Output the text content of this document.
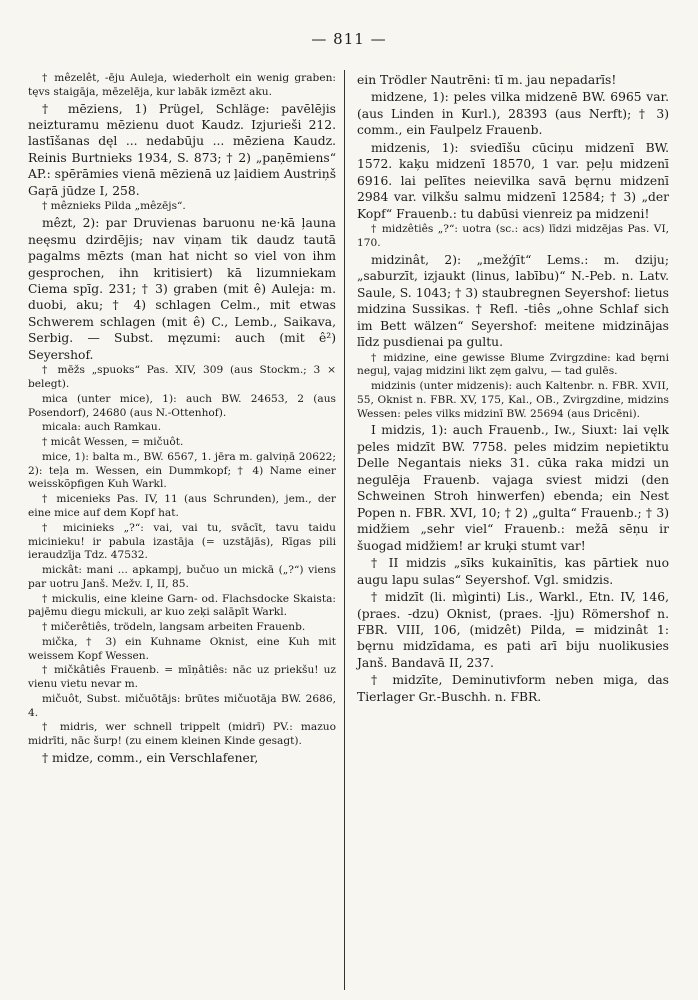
— 811 —

† mêzelêt, -ēju Auleja, wiederholt ein wenig graben: tęvs staigāja, mēzelēja, kur labāk izmēzt aku.

† mēziens, 1) Prügel, Schläge: pavēlējis neizturamu mēzienu duot Kaudz. Izjurieši 212. lastīšanas dęl ... nedabūju ... mēziena Kaudz. Reinis Burtnieks 1934, S. 873; † 2) „paņēmiens“ AP.: spērāmies vienā mēzienā uz ļaidiem Austriņš Gaŗā jūdze I, 258.

† mêznieks Pilda „mêzējs“.

mêzt, 2): par Druvienas baruonu ne·kā ļauna neęsmu dzirdējis; nav viņam tik daudz tautā pagalms mēzts (man hat nicht so viel von ihm gesprochen, ihn kritisiert) kā lizumniekam Ciema spīg. 231; † 3) graben (mit ê) Auleja: m. duobi, aku; † 4) schlagen Celm., mit etwas Schwerem schlagen (mit ê) C., Lemb., Saikava, Serbig. — Subst. męzumi: auch (mit ê²) Seyershof.

† mēžs „spuoks“ Pas. XIV, 309 (aus Stockm.; 3 × belegt).

mica (unter mice), 1): auch BW. 24653, 2 (aus Posendorf), 24680 (aus N.-Ottenhof).

micala: auch Ramkau.

† micât Wessen, = mičuôt.

mice, 1): balta m., BW. 6567, 1. jēra m. galviņā 20622; 2): teļa m. Wessen, ein Dummkopf; † 4) Name einer weisskõpfigen Kuh Warkl.

† micenieks Pas. IV, 11 (aus Schrunden), jem., der eine mice auf dem Kopf hat.

† micinieks „?“: vai, vai tu, svācīt, tavu taidu micinieku! ir pabula izastāja (= uzstājās), Rīgas pili ieraudzīja Tdz. 47532.

mickât: mani ... apkampj, bučuo un mickā („?“) viens par uotru Janš. Mežv. I, II, 85.

† mickulis, eine kleine Garn- od. Flachsdocke Skaista: pajēmu diegu mickuli, ar kuo zeķi salāpīt Warkl.

† mičerêtiês, trödeln, langsam arbeiten Frauenb.

mička, † 3) ein Kuhname Oknist, eine Kuh mit weissem Kopf Wessen.

† mičkâtiês Frauenb. = mīņâtiês: nāc uz priekšu! uz vienu vietu nevar m.

mičuôt, Subst. mičuōtājs: brūtes mičuotāja BW. 2686, 4.

† midris, wer schnell trippelt (midrī) PV.: mazuo midrīti, nāc šurp! (zu einem kleinen Kinde gesagt).

† midze, comm., ein Verschlafener,

ein Trödler Nautrēni: tī m. jau nepadarīs!

midzene, 1): peles vilka midzenē BW. 6965 var. (aus Linden in Kurl.), 28393 (aus Nerft); † 3) comm., ein Faulpelz Frauenb.

midzenis, 1): sviedīšu cūciņu midzenī BW. 1572. kaķu midzenī 18570, 1 var. peļu midzenī 6916. lai pelītes neievilka savā bęrnu midzenī 2984 var. vilkšu salmu midzenī 12584; † 3) „der Kopf“ Frauenb.: tu dabūsi vienreiz pa midzeni!

† midzêtiês „?“: uotra (sc.: acs) līdzi midzējas Pas. VI, 170.

midzinât, 2): „mežģīt“ Lems.: m. dziju; „saburzīt, izjaukt (linus, labību)“ N.-Peb. n. Latv. Saule, S. 1043; † 3) staubregnen Seyershof: lietus midzina Sussikas. † Refl. -tiês „ohne Schlaf sich im Bett wälzen“ Seyershof: meitene midzinājas līdz pusdienai pa gultu.

† midzine, eine gewisse Blume Zvirgzdine: kad bęrni neguļ, vajag midzini likt zęm galvu, — tad gulēs.

midzinis (unter midzenis): auch Kaltenbr. n. FBR. XVII, 55, Oknist n. FBR. XV, 175, Kal., OB., Zvirgzdine, midzins Wessen: peles vilks midzinī BW. 25694 (aus Dricēni).

I midzis, 1): auch Frauenb., Iw., Siuxt: lai vęlk peles midzīt BW. 7758. peles midzim nepietiktu Delle Negantais nieks 31. cūka raka midzi un negulēja Frauenb. vajaga sviest midzi (den Schweinen Stroh hinwerfen) ebenda; ein Nest Popen n. FBR. XVI, 10; † 2) „gulta“ Frauenb.; † 3) midžiem „sehr viel“ Frauenb.: mežā sēņu ir šuogad midžiem! ar kruķi stumt var!

† II midzis „sīks kukainītis, kas pārtiek nuo augu lapu sulas“ Seyershof. Vgl. smidzis.

† midzīt (li. mìginti) Lis., Warkl., Etn. IV, 146, (praes. -dzu) Oknist, (praes. -ļju) Römershof n. FBR. VIII, 106, (midzêt) Pilda, = midzinât 1: bęrnu midzīdama, es pati arī biju nuolikusies Janš. Bandavā II, 237.

† midzīte, Deminutivform neben miga, das Tierlager Gr.-Buschh. n. FBR.
